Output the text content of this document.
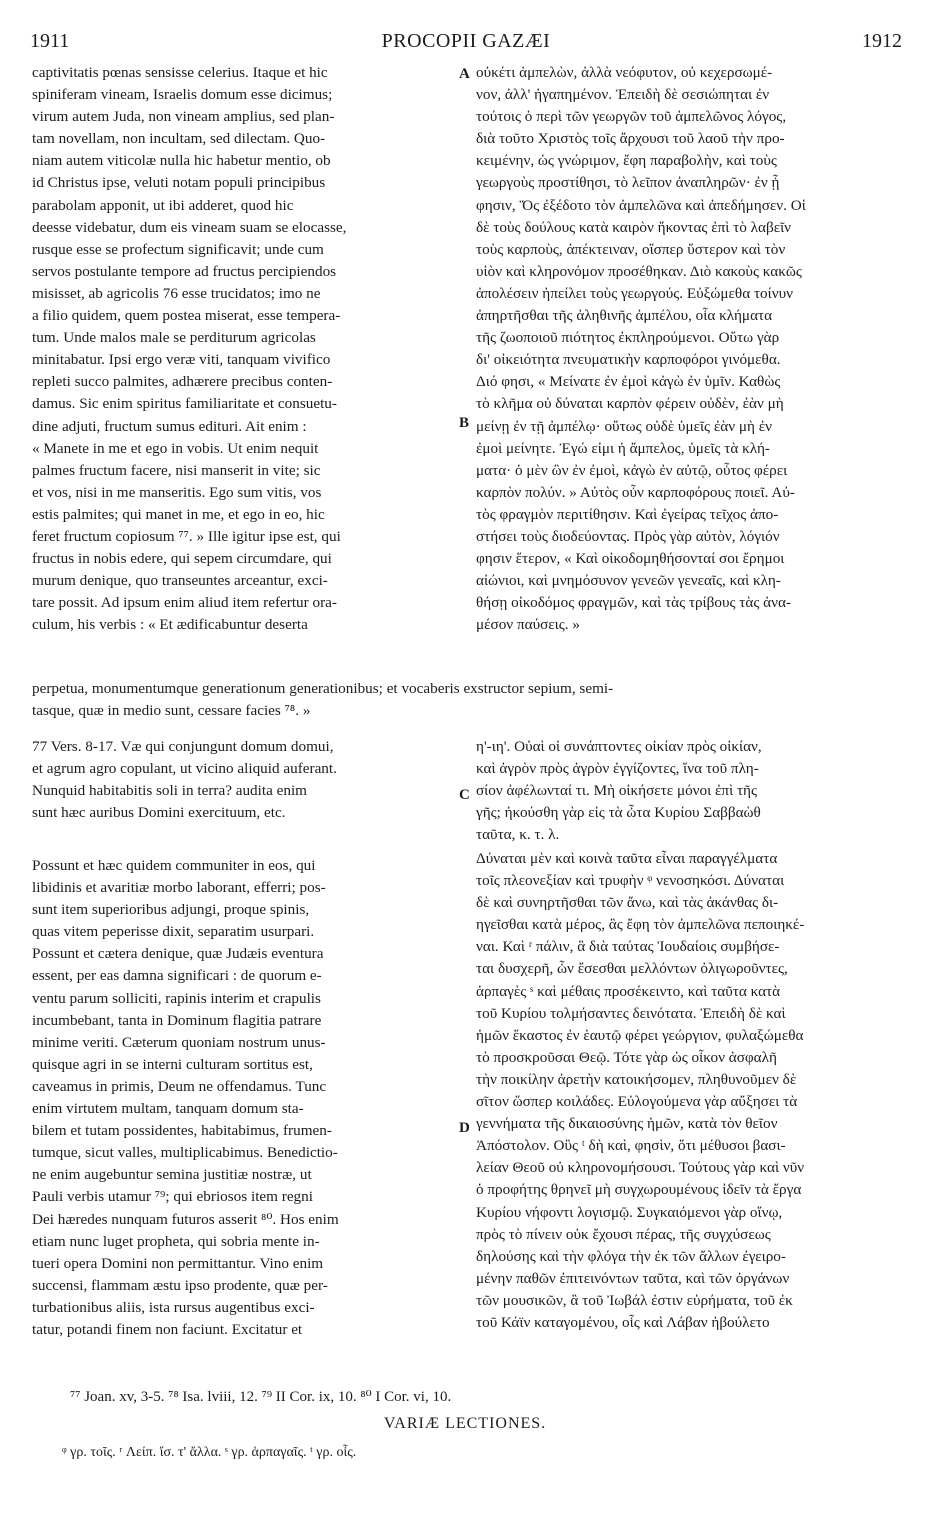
1911	PROCOPII GAZÆI	1912

captivitatis pœnas sensisse celerius. Itaque et hic

spiniferam vineam, Israelis domum esse dicimus;

virum autem Juda, non vineam amplius, sed plan-

tam novellam, non incultam, sed dilectam. Quo-

niam autem viticolæ nulla hic habetur mentio, ob

id Christus ipse, veluti notam populi principibus

parabolam apponit, ut ibi adderet, quod hic

deesse videbatur, dum eis vineam suam se elocasse,

rusque esse se profectum significavit; unde cum

servos postulante tempore ad fructus percipiendos

misisset, ab agricolis 76 esse trucidatos; imo ne

a filio quidem, quem postea miserat, esse tempera-

tum. Unde malos male se perditurum agricolas

minitabatur. Ipsi ergo veræ viti, tanquam vivifico

repleti succo palmites, adhærere precibus conten-

damus. Sic enim spiritus familiaritate et consuetu-

dine adjuti, fructum sumus edituri. Ait enim :

« Manete in me et ego in vobis. Ut enim nequit

palmes fructum facere, nisi manserit in vite; sic

et vos, nisi in me manseritis. Ego sum vitis, vos

estis palmites; qui manet in me, et ego in eo, hic

feret fructum copiosum ⁷⁷. » Ille igitur ipse est, qui

fructus in nobis edere, qui sepem circumdare, qui

murum denique, quo transeuntes arceantur, exci-

tare possit. Ad ipsum enim aliud item refertur ora-

culum, his verbis : « Et ædificabuntur deserta

οὐκέτι ἀμπελὼν, ἀλλὰ νεόφυτον, οὐ κεχερσωμέ-

νον, ἀλλ' ἠγαπημένον. Ἐπειδὴ δὲ σεσιώπηται ἐν

τούτοις ὁ περὶ τῶν γεωργῶν τοῦ ἀμπελῶνος λόγος,

διὰ τοῦτο Χριστὸς τοῖς ἄρχουσι τοῦ λαοῦ τὴν προ-

κειμένην, ὡς γνώριμον, ἔφη παραβολὴν, καὶ τοὺς

γεωργοὺς προστίθησι, τὸ λεῖπον ἀναπληρῶν· ἐν ᾗ

φησιν, Ὅς ἐξέδοτο τὸν ἀμπελῶνα καὶ ἀπεδήμησεν. Οἱ

δὲ τοὺς δούλους κατὰ καιρὸν ἥκοντας ἐπὶ τὸ λαβεῖν

τοὺς καρποὺς, ἀπέκτειναν, οἵσπερ ὕστερον καὶ τὸν

υἱὸν καὶ κληρονόμον προσέθηκαν. Διὸ κακοὺς κακῶς

ἀπολέσειν ἠπείλει τοὺς γεωργούς. Εὐξώμεθα τοίνυν

ἀπηρτῆσθαι τῆς ἀληθινῆς ἀμπέλου, οἷα κλήματα

τῆς ζωοποιοῦ πιότητος ἐκπληρούμενοι. Οὕτω γὰρ

δι' οἰκειότητα πνευματικὴν καρποφόροι γινόμεθα.

Διό φησι, « Μείνατε ἐν ἐμοὶ κἀγὼ ἐν ὑμῖν. Καθὼς

τὸ κλῆμα οὐ δύναται καρπὸν φέρειν οὐδὲν, ἐὰν μὴ

μείνῃ ἐν τῇ ἀμπέλῳ· οὕτως οὐδὲ ὑμεῖς ἐὰν μὴ ἐν

ἐμοὶ μείνητε. Ἐγώ εἰμι ἡ ἄμπελος, ὑμεῖς τὰ κλή-

ματα· ὁ μὲν ὢν ἐν ἐμοὶ, κἀγὼ ἐν αὐτῷ, οὗτος φέρει

καρπὸν πολύν. » Αὐτὸς οὖν καρποφόρους ποιεῖ. Αὐ-

τὸς φραγμὸν περιτίθησιν. Καὶ ἐγείρας τεῖχος ἀπο-

στήσει τοὺς διοδεύοντας. Πρὸς γὰρ αὐτὸν, λόγιόν

φησιν ἕτερον, « Καὶ οἰκοδομηθήσονταί σοι ἔρημοι

αἰώνιοι, καὶ μνημόσυνον γενεῶν γενεαῖς, καὶ κλη-

θήσῃ οἰκοδόμος φραγμῶν, καὶ τὰς τρίβους τὰς ἀνα-

μέσον παύσεις. »

A
B
C
D
perpetua, monumentumque generationum generationibus; et vocaberis exstructor sepium, semi-
tasque, quæ in medio sunt, cessare facies ⁷⁸. »

77 Vers. 8-17. Væ qui conjungunt domum domui,

et agrum agro copulant, ut vicino aliquid auferant.

Nunquid habitabitis soli in terra? audita enim

sunt hæc auribus Domini exercituum, etc.

η'-ιη'. Οὐαὶ οἱ συνάπτοντες οἰκίαν πρὸς οἰκίαν,

καὶ ἀγρὸν πρὸς ἀγρὸν ἐγγίζοντες, ἵνα τοῦ πλη-

σίον ἀφέλωνταί τι. Μὴ οἰκήσετε μόνοι ἐπὶ τῆς

γῆς; ἠκούσθη γὰρ εἰς τὰ ὦτα Κυρίου Σαββαὼθ

ταῦτα, κ. τ. λ.

Possunt et hæc quidem communiter in eos, qui

libidinis et avaritiæ morbo laborant, efferri; pos-

sunt item superioribus adjungi, proque spinis,

quas vitem peperisse dixit, separatim usurpari.

Possunt et cætera denique, quæ Judæis eventura

essent, per eas damna significari : de quorum e-

ventu parum solliciti, rapinis interim et crapulis

incumbebant, tanta in Dominum flagitia patrare

minime veriti. Cæterum quoniam nostrum unus-

quisque agri in se interni culturam sortitus est,

caveamus in primis, Deum ne offendamus. Tunc

enim virtutem multam, tanquam domum sta-

bilem et tutam possidentes, habitabimus, frumen-

tumque, sicut valles, multiplicabimus. Benedictio-

ne enim augebuntur semina justitiæ nostræ, ut

Pauli verbis utamur ⁷⁹; qui ebriosos item regni

Dei hæredes nunquam futuros asserit ⁸⁰. Hos enim

etiam nunc luget propheta, qui sobria mente in-

tueri opera Domini non permittantur. Vino enim

succensi, flammam æstu ipso prodente, quæ per-

turbationibus aliis, ista rursus augentibus exci-

tatur, potandi finem non faciunt. Excitatur et

Δύναται μὲν καὶ κοινὰ ταῦτα εἶναι παραγγέλματα

τοῖς πλεονεξίαν καὶ τρυφὴν ᵠ νενοσηκόσι. Δύναται

δὲ καὶ συνηρτῆσθαι τῶν ἄνω, καὶ τὰς ἀκάνθας δι-

ηγεῖσθαι κατὰ μέρος, ἃς ἔφη τὸν ἀμπελῶνα πεποιηκέ-

ναι. Καὶ ʳ πάλιν, ἃ διὰ ταύτας Ἰουδαίοις συμβήσε-

ται δυσχερῆ, ὧν ἔσεσθαι μελλόντων ὀλιγωροῦντες,

ἁρπαγὲς ˢ καὶ μέθαις προσέκειντο, καὶ ταῦτα κατὰ

τοῦ Κυρίου τολμήσαντες δεινότατα. Ἐπειδὴ δὲ καὶ

ἡμῶν ἕκαστος ἐν ἑαυτῷ φέρει γεώργιον, φυλαξώμεθα

τὸ προσκροῦσαι Θεῷ. Τότε γὰρ ὡς οἶκον ἀσφαλῆ

τὴν ποικίλην ἀρετὴν κατοικήσομεν, πληθυνοῦμεν δὲ

σῖτον ὥσπερ κοιλάδες. Εὐλογούμενα γὰρ αὔξησει τὰ

γεννήματα τῆς δικαιοσύνης ἡμῶν, κατὰ τὸν θεῖον

Ἀπόστολον. Οὓς ᵗ δὴ καὶ, φησὶν, ὅτι μέθυσοι βασι-

λείαν Θεοῦ οὐ κληρονομήσουσι. Τούτους γὰρ καὶ νῦν

ὁ προφήτης θρηνεῖ μὴ συγχωρουμένους ἰδεῖν τὰ ἔργα

Κυρίου νήφοντι λογισμῷ. Συγκαιόμενοι γὰρ οἴνῳ,

πρὸς τὸ πίνειν οὐκ ἔχουσι πέρας, τῆς συγχύσεως

δηλούσης καὶ τὴν φλόγα τὴν ἐκ τῶν ἄλλων ἐγειρο-

μένην παθῶν ἐπιτεινόντων ταῦτα, καὶ τῶν ὀργάνων

τῶν μουσικῶν, ἃ τοῦ Ἰωβάλ ἐστιν εὑρήματα, τοῦ ἐκ

τοῦ Κάϊν καταγομένου, οἷς καὶ Λάβαν ἠβούλετο

⁷⁷ Joan. xv, 3-5. ⁷⁸ Isa. lviii, 12. ⁷⁹ II Cor. ix, 10. ⁸⁰ I Cor. vi, 10.
VARIÆ LECTIONES.
ᵠ γρ. τοῖς. ʳ Λείπ. ἴσ. τ' ἄλλα. ˢ γρ. ἁρπαγαῖς. ᵗ γρ. οἷς.
